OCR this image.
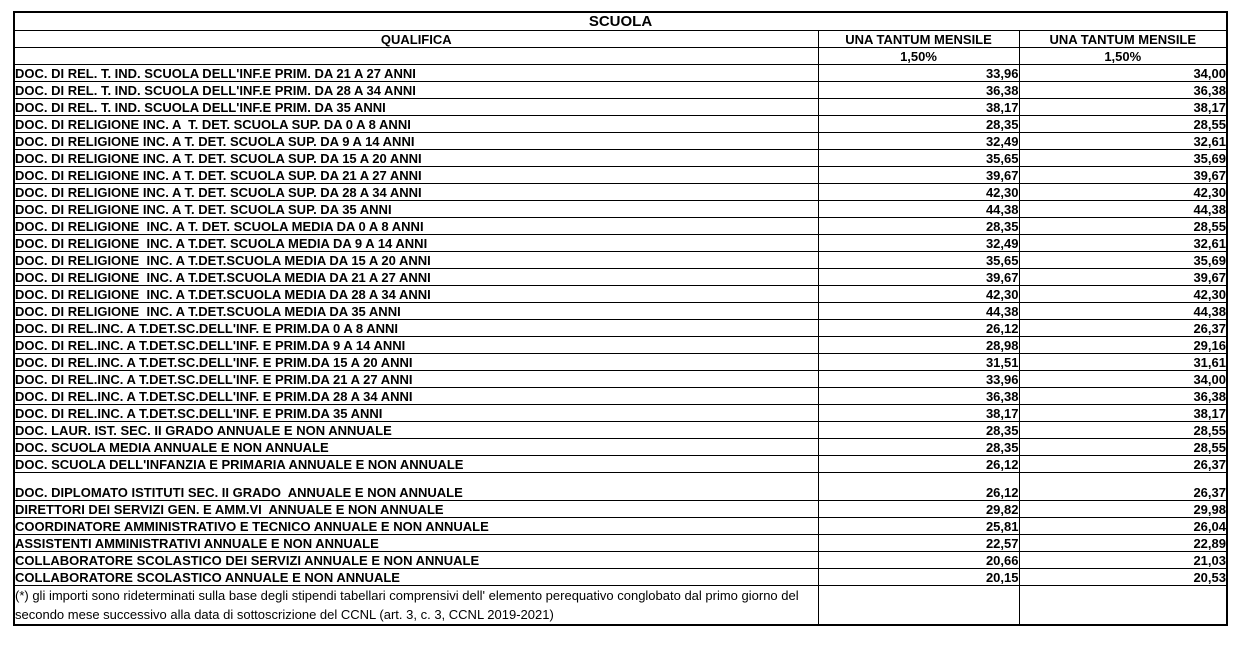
SCUOLA		
QUALIFICA	UNA TANTUM MENSILE	UNA TANTUM MENSILE
	1,50%	1,50%
DOC. DI REL. T. IND. SCUOLA DELL'INF.E PRIM. DA 21 A 27 ANNI	33,96	34,00
DOC. DI REL. T. IND. SCUOLA DELL'INF.E PRIM. DA 28 A 34 ANNI	36,38	36,38
DOC. DI REL. T. IND. SCUOLA DELL'INF.E PRIM. DA 35 ANNI	38,17	38,17
DOC. DI RELIGIONE INC. A  T. DET. SCUOLA SUP. DA 0 A 8 ANNI	28,35	28,55
DOC. DI RELIGIONE INC. A T. DET. SCUOLA SUP. DA 9 A 14 ANNI	32,49	32,61
DOC. DI RELIGIONE INC. A T. DET. SCUOLA SUP. DA 15 A 20 ANNI	35,65	35,69
DOC. DI RELIGIONE INC. A T. DET. SCUOLA SUP. DA 21 A 27 ANNI	39,67	39,67
DOC. DI RELIGIONE INC. A T. DET. SCUOLA SUP. DA 28 A 34 ANNI	42,30	42,30
DOC. DI RELIGIONE INC. A T. DET. SCUOLA SUP. DA 35 ANNI	44,38	44,38
DOC. DI RELIGIONE  INC. A T. DET. SCUOLA MEDIA DA 0 A 8 ANNI	28,35	28,55
DOC. DI RELIGIONE  INC. A T.DET. SCUOLA MEDIA DA 9 A 14 ANNI	32,49	32,61
DOC. DI RELIGIONE  INC. A T.DET.SCUOLA MEDIA DA 15 A 20 ANNI	35,65	35,69
DOC. DI RELIGIONE  INC. A T.DET.SCUOLA MEDIA DA 21 A 27 ANNI	39,67	39,67
DOC. DI RELIGIONE  INC. A T.DET.SCUOLA MEDIA DA 28 A 34 ANNI	42,30	42,30
DOC. DI RELIGIONE  INC. A T.DET.SCUOLA MEDIA DA 35 ANNI	44,38	44,38
DOC. DI REL.INC. A T.DET.SC.DELL'INF. E PRIM.DA 0 A 8 ANNI	26,12	26,37
DOC. DI REL.INC. A T.DET.SC.DELL'INF. E PRIM.DA 9 A 14 ANNI	28,98	29,16
DOC. DI REL.INC. A T.DET.SC.DELL'INF. E PRIM.DA 15 A 20 ANNI	31,51	31,61
DOC. DI REL.INC. A T.DET.SC.DELL'INF. E PRIM.DA 21 A 27 ANNI	33,96	34,00
DOC. DI REL.INC. A T.DET.SC.DELL'INF. E PRIM.DA 28 A 34 ANNI	36,38	36,38
DOC. DI REL.INC. A T.DET.SC.DELL'INF. E PRIM.DA 35 ANNI	38,17	38,17
DOC. LAUR. IST. SEC. II GRADO ANNUALE E NON ANNUALE	28,35	28,55
DOC. SCUOLA MEDIA ANNUALE E NON ANNUALE	28,35	28,55
DOC. SCUOLA DELL'INFANZIA E PRIMARIA ANNUALE E NON ANNUALE	26,12	26,37
DOC. DIPLOMATO ISTITUTI SEC. II GRADO  ANNUALE E NON ANNUALE	26,12	26,37
DIRETTORI DEI SERVIZI GEN. E AMM.VI  ANNUALE E NON ANNUALE	29,82	29,98
COORDINATORE AMMINISTRATIVO E TECNICO ANNUALE E NON ANNUALE	25,81	26,04
ASSISTENTI AMMINISTRATIVI ANNUALE E NON ANNUALE	22,57	22,89
COLLABORATORE SCOLASTICO DEI SERVIZI ANNUALE E NON ANNUALE	20,66	21,03
COLLABORATORE SCOLASTICO ANNUALE E NON ANNUALE	20,15	20,53
(*) gli importi sono rideterminati sulla base degli stipendi tabellari comprensivi dell' elemento perequativo conglobato dal primo giorno del secondo mese successivo alla data di sottoscrizione del CCNL (art. 3, c. 3, CCNL 2019-2021)		
